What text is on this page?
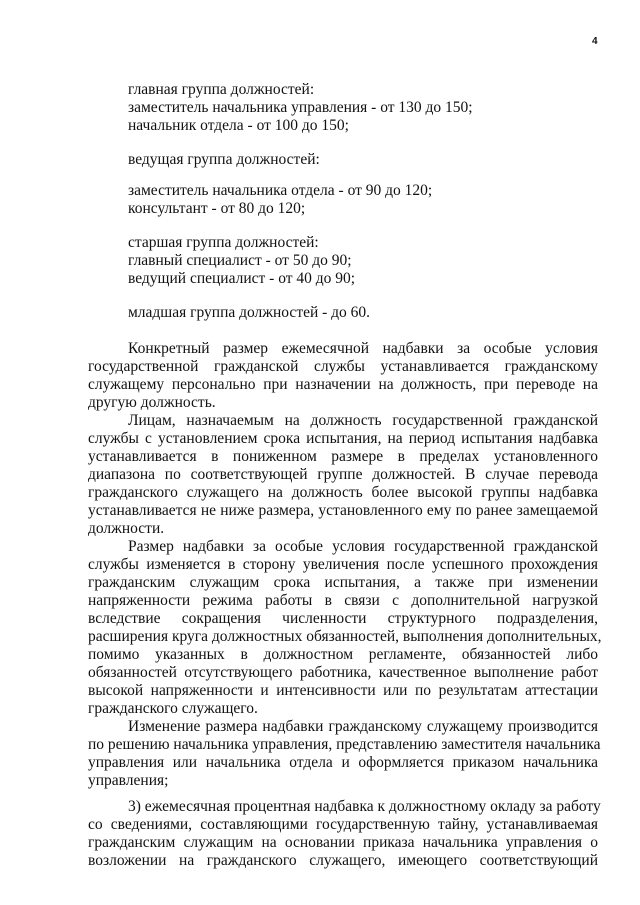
4
главная группа должностей:
заместитель начальника управления - от 130 до 150;
начальник отдела - от 100 до 150;
ведущая группа должностей:
заместитель начальника отдела - от 90 до 120;
консультант - от 80 до 120;
старшая группа должностей:
главный специалист - от 50 до 90;
ведущий специалист - от 40 до 90;
младшая группа должностей - до 60.
Конкретный размер ежемесячной надбавки за особые условия
государственной гражданской службы устанавливается гражданскому
служащему персонально при назначении на должность, при переводе на
другую должность.
Лицам, назначаемым на должность государственной гражданской
службы с установлением срока испытания, на период испытания надбавка
устанавливается в пониженном размере в пределах установленного
диапазона по соответствующей группе должностей. В случае перевода
гражданского служащего на должность более высокой группы надбавка
устанавливается не ниже размера, установленного ему по ранее замещаемой
должности.
Размер надбавки за особые условия государственной гражданской
службы изменяется в сторону увеличения после успешного прохождения
гражданским служащим срока испытания, а также при изменении
напряженности режима работы в связи с дополнительной нагрузкой
вследствие сокращения численности структурного подразделения,
расширения круга должностных обязанностей, выполнения дополнительных,
помимо указанных в должностном регламенте, обязанностей либо
обязанностей отсутствующего работника, качественное выполнение работ
высокой напряженности и интенсивности или по результатам аттестации
гражданского служащего.
Изменение размера надбавки гражданскому служащему производится
по решению начальника управления, представлению заместителя начальника
управления или начальника отдела и оформляется приказом начальника
управления;
3) ежемесячная процентная надбавка к должностному окладу за работу
со сведениями, составляющими государственную тайну, устанавливаемая
гражданским служащим на основании приказа начальника управления о
возложении на гражданского служащего, имеющего соответствующий
